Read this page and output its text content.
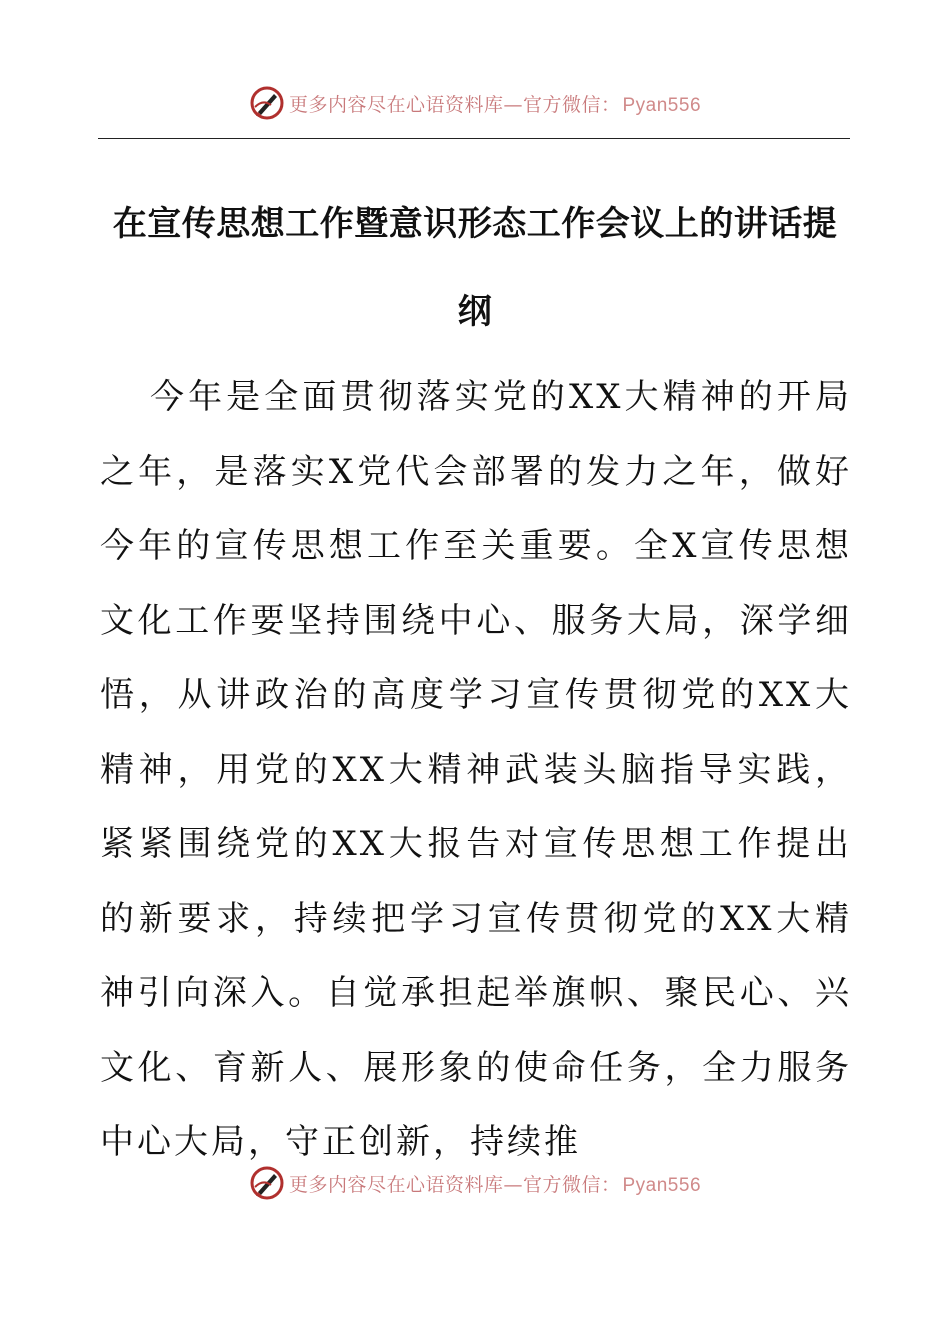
更多内容尽在心语资料库—官方微信： Pyan556
在宣传思想工作暨意识形态工作会议上的讲话提纲

今年是全面贯彻落实党的XX大精神的开局之年，是落实X党代会部署的发力之年，做好今年的宣传思想工作至关重要。全X宣传思想文化工作要坚持围绕中心、服务大局，深学细悟，从讲政治的高度学习宣传贯彻党的XX大精神，用党的XX大精神武装头脑指导实践，紧紧围绕党的XX大报告对宣传思想工作提出的新要求，持续把学习宣传贯彻党的XX大精神引向深入。自觉承担起举旗帜、聚民心、兴文化、育新人、展形象的使命任务，全力服务中心大局，守正创新，持续推

更多内容尽在心语资料库—官方微信： Pyan556
